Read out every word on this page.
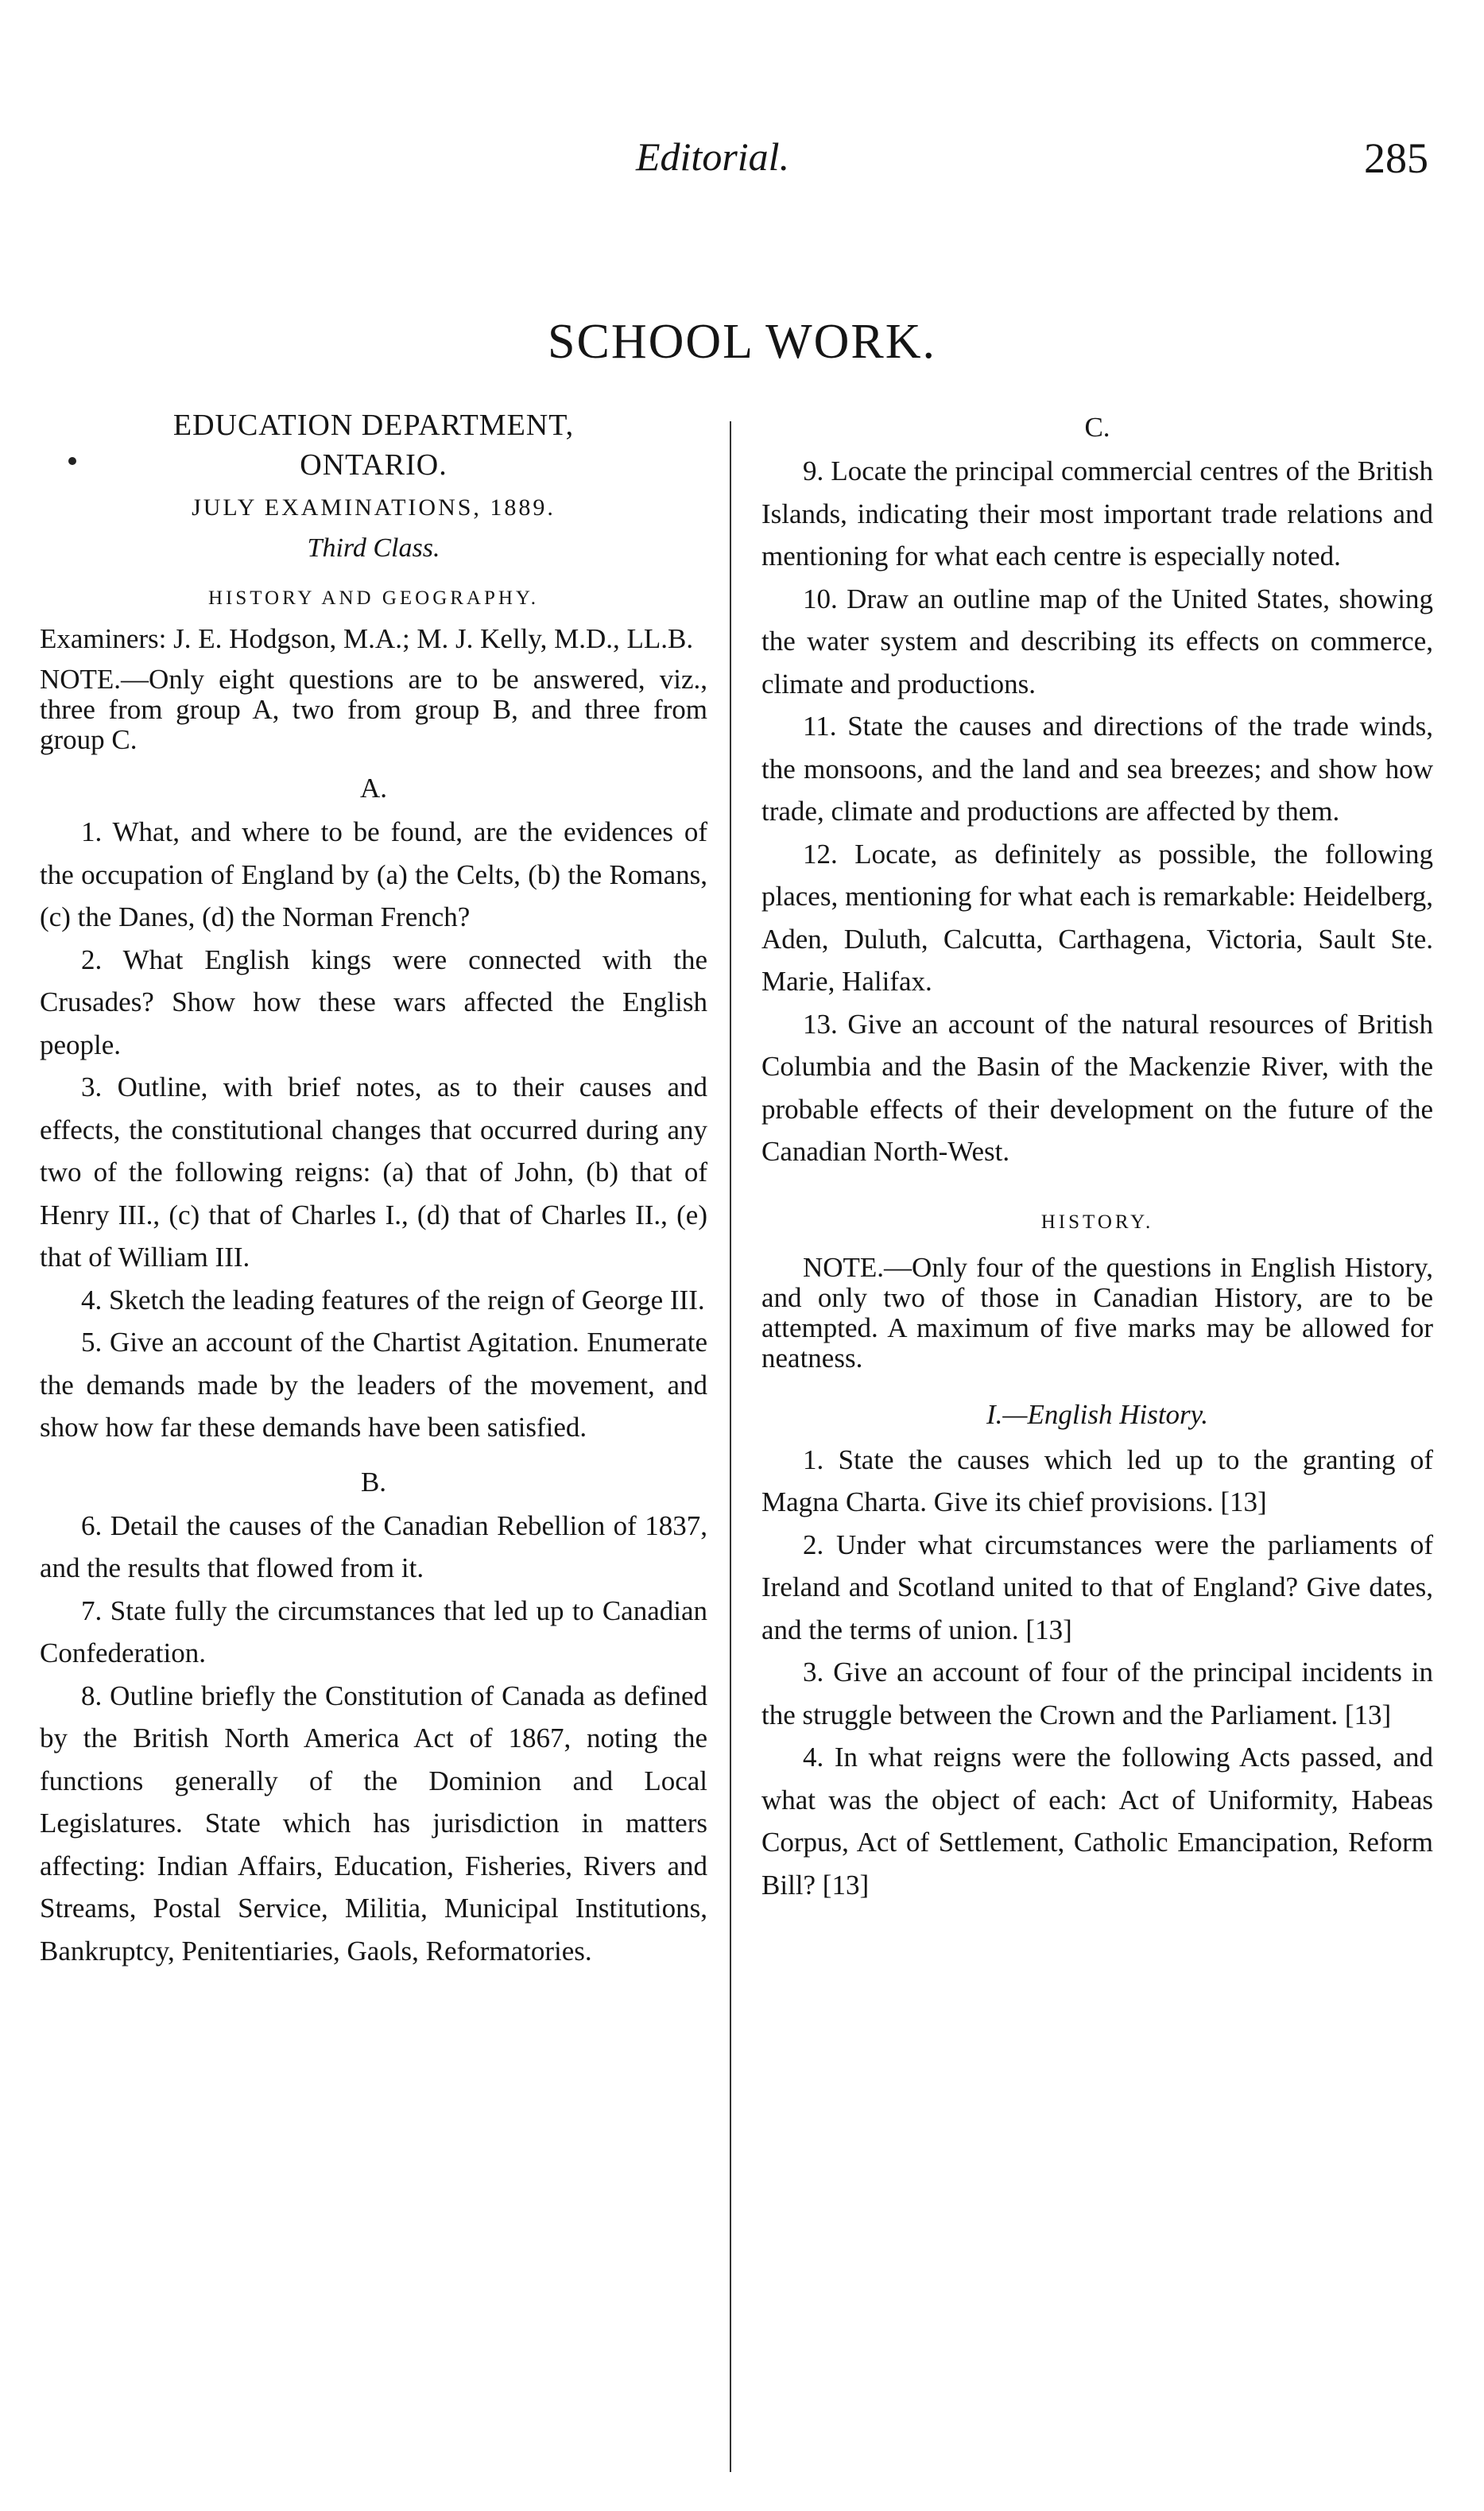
Editorial.	285
SCHOOL WORK.
EDUCATION DEPARTMENT,
ONTARIO.
JULY EXAMINATIONS, 1889.
Third Class.
HISTORY AND GEOGRAPHY.

Examiners: J. E. Hodgson, M.A.; M. J. Kelly, M.D., LL.B.

NOTE.—Only eight questions are to be answered, viz., three from group A, two from group B, and three from group C.

A.

1. What, and where to be found, are the evidences of the occupation of England by (a) the Celts, (b) the Romans, (c) the Danes, (d) the Norman French?

2. What English kings were connected with the Crusades? Show how these wars affected the English people.

3. Outline, with brief notes, as to their causes and effects, the constitutional changes that occurred during any two of the following reigns: (a) that of John, (b) that of Henry III., (c) that of Charles I., (d) that of Charles II., (e) that of William III.

4. Sketch the leading features of the reign of George III.

5. Give an account of the Chartist Agitation. Enumerate the demands made by the leaders of the movement, and show how far these demands have been satisfied.

B.

6. Detail the causes of the Canadian Rebellion of 1837, and the results that flowed from it.

7. State fully the circumstances that led up to Canadian Confederation.

8. Outline briefly the Constitution of Canada as defined by the British North America Act of 1867, noting the functions generally of the Dominion and Local Legislatures. State which has jurisdiction in matters affecting: Indian Affairs, Education, Fisheries, Rivers and Streams, Postal Service, Militia, Municipal Institutions, Bankruptcy, Penitentiaries, Gaols, Reformatories.

C.

9. Locate the principal commercial centres of the British Islands, indicating their most important trade relations and mentioning for what each centre is especially noted.

10. Draw an outline map of the United States, showing the water system and describing its effects on commerce, climate and productions.

11. State the causes and directions of the trade winds, the monsoons, and the land and sea breezes; and show how trade, climate and productions are affected by them.

12. Locate, as definitely as possible, the following places, mentioning for what each is remarkable: Heidelberg, Aden, Duluth, Calcutta, Carthagena, Victoria, Sault Ste. Marie, Halifax.

13. Give an account of the natural resources of British Columbia and the Basin of the Mackenzie River, with the probable effects of their development on the future of the Canadian North-West.

HISTORY.

NOTE.—Only four of the questions in English History, and only two of those in Canadian History, are to be attempted. A maximum of five marks may be allowed for neatness.

I.—English History.

1. State the causes which led up to the granting of Magna Charta. Give its chief provisions. [13]

2. Under what circumstances were the parliaments of Ireland and Scotland united to that of England? Give dates, and the terms of union. [13]

3. Give an account of four of the principal incidents in the struggle between the Crown and the Parliament. [13]

4. In what reigns were the following Acts passed, and what was the object of each: Act of Uniformity, Habeas Corpus, Act of Settlement, Catholic Emancipation, Reform Bill? [13]
